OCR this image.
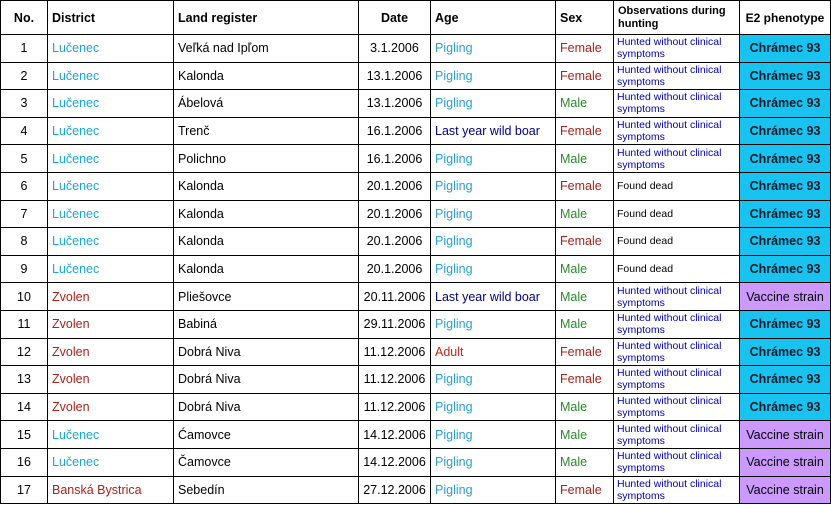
No.	District	Land register	Date	Age	Sex	Observations during hunting	E2 phenotype
1	Lučenec	Veľká nad Ipľom	3.1.2006	Pigling	Female	Hunted without clinical symptoms	Chrámec 93
2	Lučenec	Kalonda	13.1.2006	Pigling	Female	Hunted without clinical symptoms	Chrámec 93
3	Lučenec	Ábelová	13.1.2006	Pigling	Male	Hunted without clinical symptoms	Chrámec 93
4	Lučenec	Trenč	16.1.2006	Last year wild boar	Female	Hunted without clinical symptoms	Chrámec 93
5	Lučenec	Polichno	16.1.2006	Pigling	Male	Hunted without clinical symptoms	Chrámec 93
6	Lučenec	Kalonda	20.1.2006	Pigling	Female	Found dead	Chrámec 93
7	Lučenec	Kalonda	20.1.2006	Pigling	Male	Found dead	Chrámec 93
8	Lučenec	Kalonda	20.1.2006	Pigling	Female	Found dead	Chrámec 93
9	Lučenec	Kalonda	20.1.2006	Pigling	Male	Found dead	Chrámec 93
10	Zvolen	Pliešovce	20.11.2006	Last year wild boar	Male	Hunted without clinical symptoms	Vaccine strain
11	Zvolen	Babiná	29.11.2006	Pigling	Male	Hunted without clinical symptoms	Chrámec 93
12	Zvolen	Dobrá Niva	11.12.2006	Adult	Female	Hunted without clinical symptoms	Chrámec 93
13	Zvolen	Dobrá Niva	11.12.2006	Pigling	Female	Hunted without clinical symptoms	Chrámec 93
14	Zvolen	Dobrá Niva	11.12.2006	Pigling	Male	Hunted without clinical symptoms	Chrámec 93
15	Lučenec	Ćamovce	14.12.2006	Pigling	Male	Hunted without clinical symptoms	Vaccine strain
16	Lučenec	Čamovce	14.12.2006	Pigling	Male	Hunted without clinical symptoms	Vaccine strain
17	Banská Bystrica	Sebedín	27.12.2006	Pigling	Female	Hunted without clinical symptoms	Vaccine strain
